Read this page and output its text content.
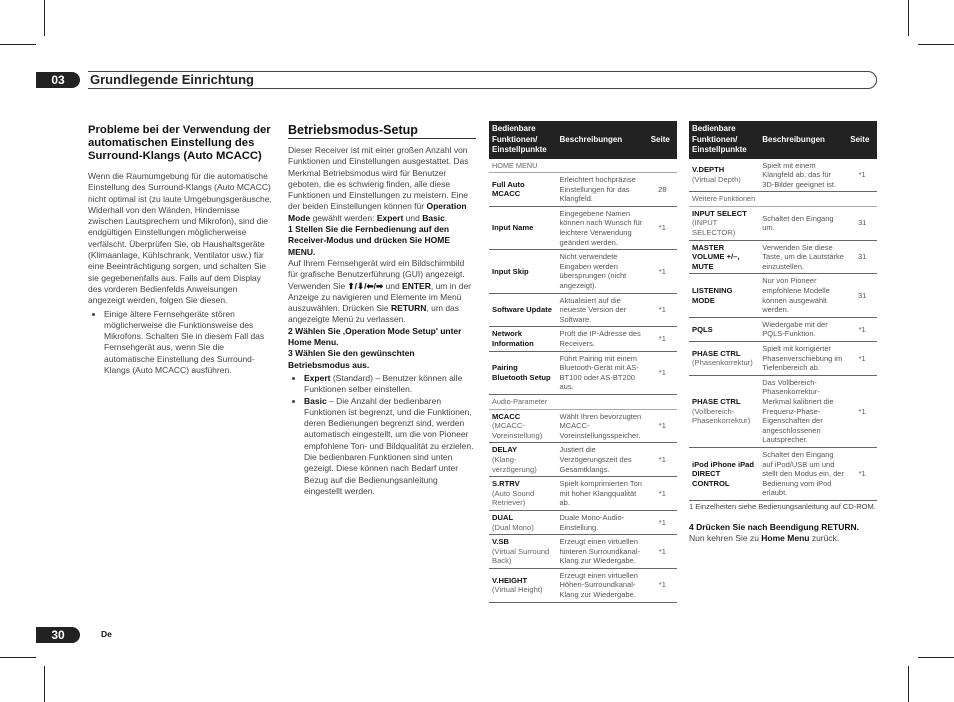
03	Grundlegende Einrichtung
Probleme bei der Verwendung der automatischen Einstellung des Surround-Klangs (Auto MCACC)

Wenn die Raumumgebung für die automatische Einstellung des Surround-Klangs (Auto MCACC) nicht optimal ist (zu laute Umgebungsgeräusche, Widerhall von den Wänden, Hindernisse zwischen Lautsprechern und Mikrofon), sind die endgültigen Einstellungen möglicherweise verfälscht. Überprüfen Sie, ob Haushaltsgeräte (Klimaanlage, Kühlschrank, Ventilator usw.) für eine Beeinträchtigung sorgen, und schalten Sie sie gegebenenfalls aus. Falls auf dem Display des vorderen Bedienfelds Anweisungen angezeigt werden, folgen Sie diesen.

• Einige ältere Fernsehgeräte stören möglicherweise die Funktionsweise des Mikrofons. Schalten Sie in diesem Fall das Fernsehgerät aus, wenn Sie die automatische Einstellung des Surround-Klangs (Auto MCACC) ausführen.
Betriebsmodus-Setup

Dieser Receiver ist mit einer großen Anzahl von Funktionen und Einstellungen ausgestattet. Das Merkmal Betriebsmodus wird für Benutzer geboten, die es schwierig finden, alle diese Funktionen und Einstellungen zu meistern. Eine der beiden Einstellungen können für Operation Mode gewählt werden: Expert und Basic.

1 Stellen Sie die Fernbedienung auf den Receiver-Modus und drücken Sie HOME MENU.

Auf Ihrem Fernsehgerät wird ein Bildschirmbild für grafische Benutzerführung (GUI) angezeigt. Verwenden Sie ⬆/⬇/⬅/➡ und ENTER, um in der Anzeige zu navigieren und Elemente im Menü auszuwählen. Drücken Sie RETURN, um das angezeigte Menü zu verlassen.

2 Wählen Sie ‚Operation Mode Setup' unter Home Menu.

3 Wählen Sie den gewünschten Betriebsmodus aus.

• Expert (Standard) – Benutzer können alle Funktionen selber einstellen.
• Basic – Die Anzahl der bedienbaren Funktionen ist begrenzt, und die Funktionen, deren Bedienungen begrenzt sind, werden automatisch eingestellt, um die von Pioneer empfohlene Ton- und Bildqualität zu erzielen. Die bedienbaren Funktionen sind unten gezeigt. Diese können nach Bedarf unter Bezug auf die Bedienungsanleitung eingestellt werden.
Bedienbare Funktionen/ Einstellpunkte	Beschreibungen	Seite
HOME MENU		
Full Auto MCACC	Erleichtert hochpräzise Einstellungen für das Klangfeld.	28
Input Name	Eingegebene Namen können nach Wunsch für leichtere Verwendung geändert werden.	*1
Input Skip	Nicht verwendete Eingaben werden übersprungen (nicht angezeigt).	*1
Software Update	Aktualisiert auf die neueste Version der Software.	*1
Network Information	Prüft die IP-Adresse des Receivers.	*1
Pairing Bluetooth Setup	Führt Pairing mit einem Bluetooth-Gerät mit AS-BT100 oder AS-BT200 aus.	*1
Audio-Parameter		
MCACC
(MCACC-Voreinstellung)	Wählt Ihren bevorzugten MCACC-Voreinstellungsspeicher.	*1
DELAY
(Klang-verzögerung)	Justiert die Verzögerungszeit des Gesamtklangs.	*1
S.RTRV
(Auto Sound Retriever)	Spielt komprimierten Ton mit hoher Klangqualität ab.	*1
DUAL
(Dual Mono)	Duale Mono-Audio-Einstellung.	*1
V.SB
(Virtual Surround Back)	Erzeugt einen virtuellen hinteren Surroundkanal-Klang zur Wiedergabe.	*1
V.HEIGHT
(Virtual Height)	Erzeugt einen virtuellen Höhen-Surroundkanal-Klang zur Wiedergabe.	*1
Bedienbare Funktionen/ Einstellpunkte	Beschreibungen	Seite
V.DEPTH
(Virtual Depth)	Spielt mit einem Klangfeld ab, das für 3D-Bilder geeignet ist.	*1
Weitere Funktionen		
INPUT SELECT
(INPUT SELECTOR)	Schaltet den Eingang um.	31
MASTER VOLUME +/–, MUTE	Verwenden Sie diese Taste, um die Lautstärke einzustellen.	31
LISTENING MODE	Nur von Pioneer empfohlene Modelle können ausgewählt werden.	31
PQLS	Wiedergabe mit der PQLS-Funktion.	*1
PHASE CTRL
(Phasenkorrektur)	Spielt mit korrigierter Phasenverschiebung im Tiefenbereich ab.	*1
PHASE CTRL
(Vollbereich-Phasenkorrektur)	Das Vollbereich-Phasenkorrektur-Merkmal kalibriert die Frequenz-Phase-Eigenschaften der angeschlossenen Lautsprecher.	*1
iPod iPhone iPad DIRECT CONTROL	Schaltet den Eingang auf iPod/USB um und stellt den Modus ein, der Bedienung vom iPod erlaubt.	*1

1 Einzelheiten siehe Bedienungsanleitung auf CD-ROM.

4 Drücken Sie nach Beendigung RETURN.

Nun kehren Sie zu Home Menu zurück.

30	De
